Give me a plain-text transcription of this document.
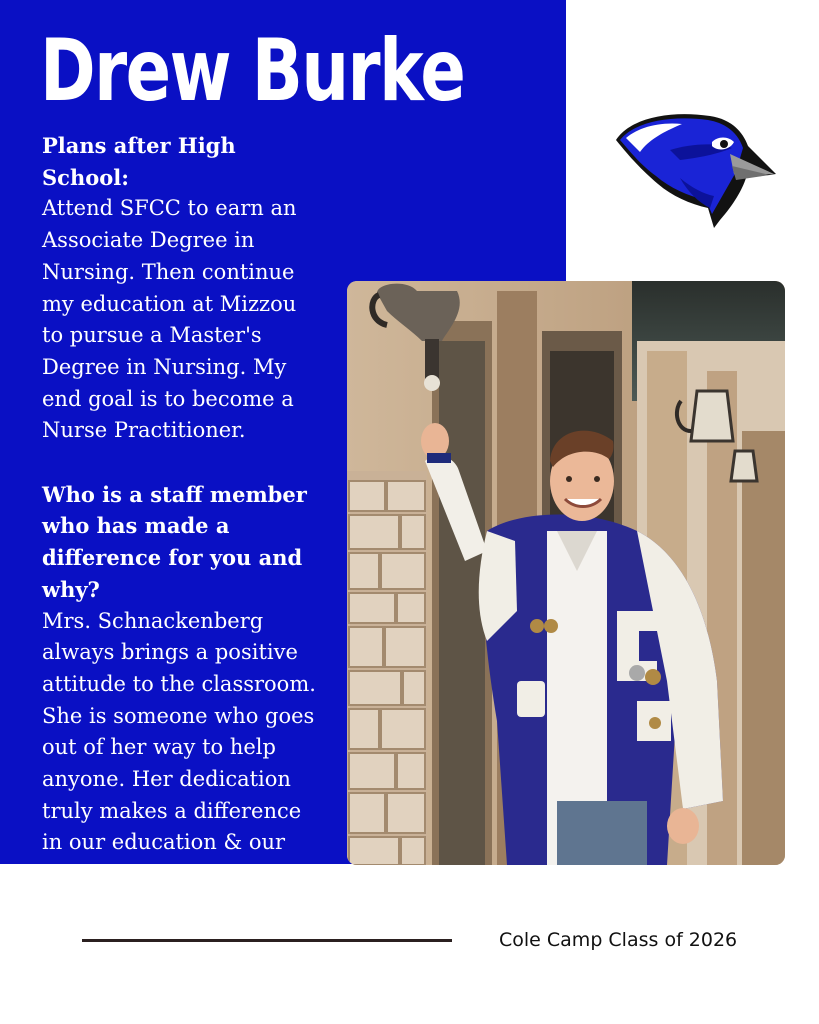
Drew Burke
Plans after High School:
Attend SFCC to earn an
Associate Degree in
Nursing. Then continue
my education at Mizzou
to pursue a Master's
Degree in Nursing. My
end goal is to become a
Nurse Practitioner.
Who is a staff member
who has made a
difference for you and
why?
Mrs. Schnackenberg
always brings a positive
attitude to the classroom.
She is someone who goes
out of her way to help
anyone. Her dedication
truly makes a difference
in our education & our
lives.
Cole Camp Class of 2026
